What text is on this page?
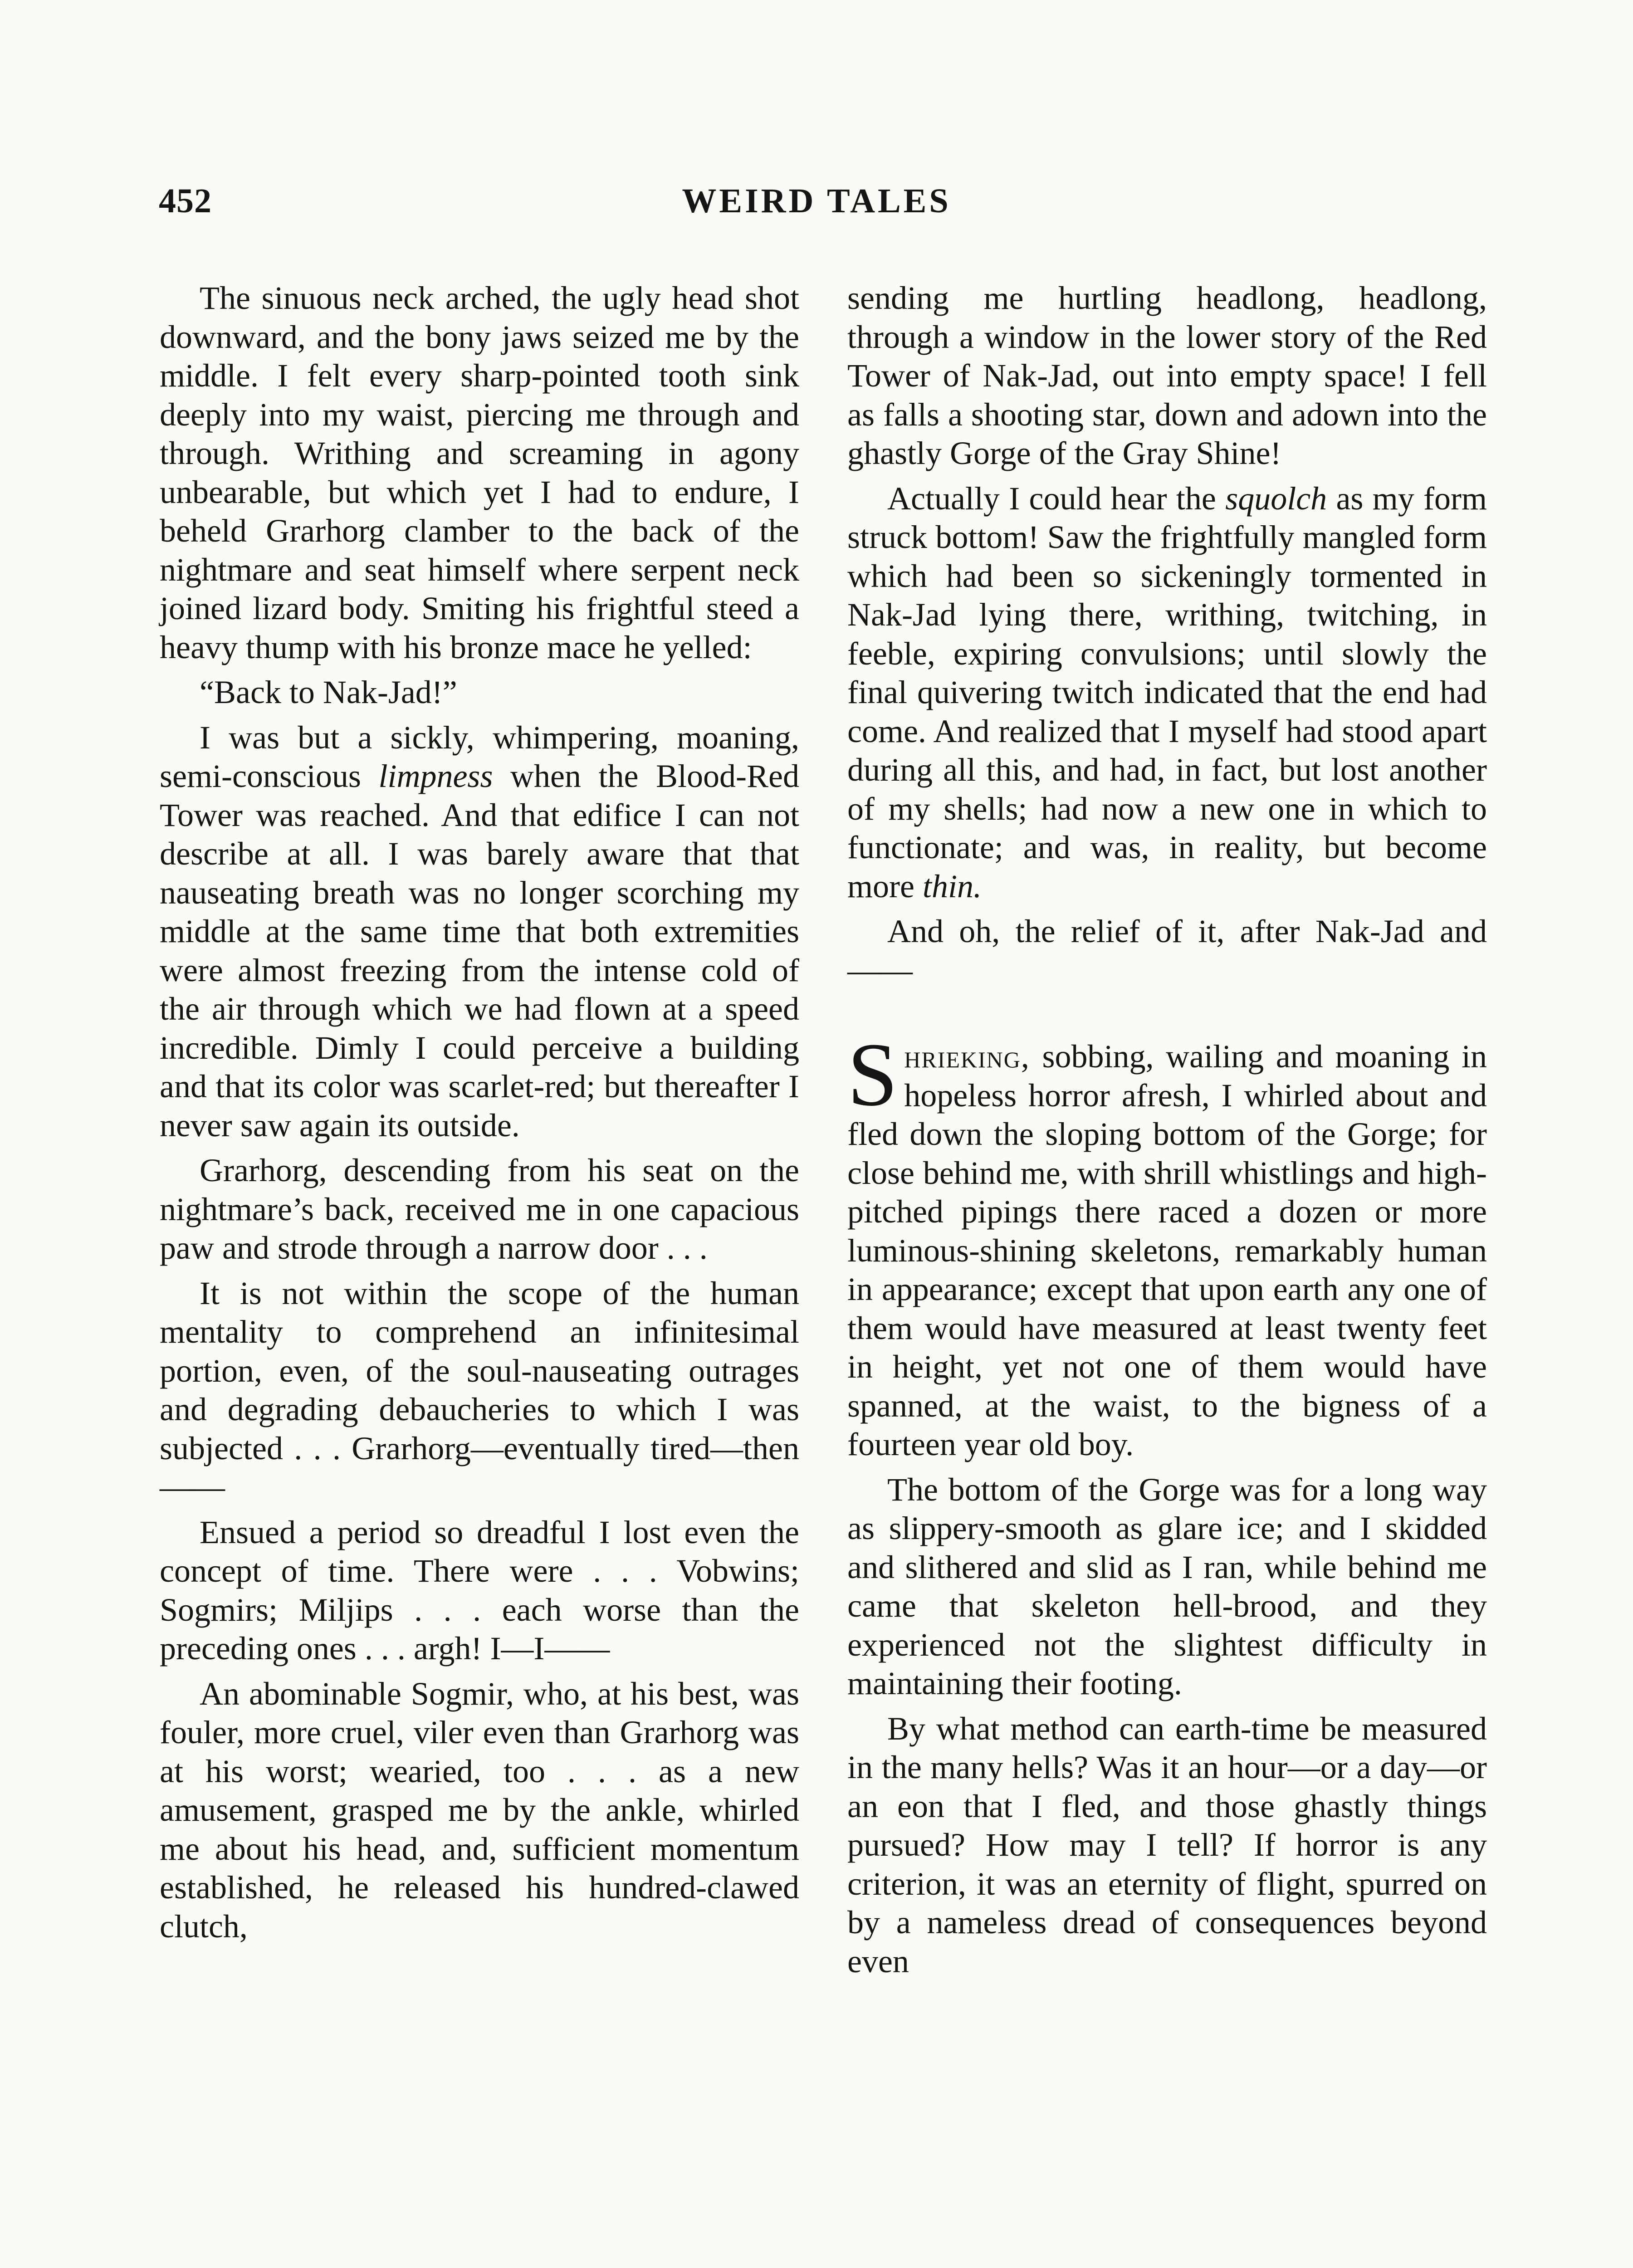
452	WEIRD TALES

The sinuous neck arched, the ugly head shot downward, and the bony jaws seized me by the middle. I felt every sharp-pointed tooth sink deeply into my waist, piercing me through and through. Writhing and screaming in agony unbearable, but which yet I had to endure, I beheld Grarhorg clamber to the back of the nightmare and seat himself where serpent neck joined lizard body. Smiting his frightful steed a heavy thump with his bronze mace he yelled:

“Back to Nak-Jad!”

I was but a sickly, whimpering, moaning, semi-conscious limpness when the Blood-Red Tower was reached. And that edifice I can not describe at all. I was barely aware that that nauseating breath was no longer scorching my middle at the same time that both extremities were almost freezing from the intense cold of the air through which we had flown at a speed incredible. Dimly I could perceive a building and that its color was scarlet-red; but thereafter I never saw again its outside.

Grarhorg, descending from his seat on the nightmare’s back, received me in one capacious paw and strode through a narrow door . . .

It is not within the scope of the human mentality to comprehend an infinitesimal portion, even, of the soul-nauseating outrages and degrading debaucheries to which I was subjected . . . Grarhorg—eventually tired—then——

Ensued a period so dreadful I lost even the concept of time. There were . . . Vobwins; Sogmirs; Miljips . . . each worse than the preceding ones . . . argh! I—I——

An abominable Sogmir, who, at his best, was fouler, more cruel, viler even than Grarhorg was at his worst; wearied, too . . . as a new amusement, grasped me by the ankle, whirled me about his head, and, sufficient momentum established, he released his hundred-clawed clutch,

sending me hurtling headlong, headlong, through a window in the lower story of the Red Tower of Nak-Jad, out into empty space! I fell as falls a shooting star, down and adown into the ghastly Gorge of the Gray Shine!

Actually I could hear the squolch as my form struck bottom! Saw the frightfully mangled form which had been so sickeningly tormented in Nak-Jad lying there, writhing, twitching, in feeble, expiring convulsions; until slowly the final quivering twitch indicated that the end had come. And realized that I myself had stood apart during all this, and had, in fact, but lost another of my shells; had now a new one in which to functionate; and was, in reality, but become more thin.

And oh, the relief of it, after Nak-Jad and——

Shrieking, sobbing, wailing and moaning in hopeless horror afresh, I whirled about and fled down the sloping bottom of the Gorge; for close behind me, with shrill whistlings and high-pitched pipings there raced a dozen or more luminous-shining skeletons, remarkably human in appearance; except that upon earth any one of them would have measured at least twenty feet in height, yet not one of them would have spanned, at the waist, to the bigness of a fourteen year old boy.

The bottom of the Gorge was for a long way as slippery-smooth as glare ice; and I skidded and slithered and slid as I ran, while behind me came that skeleton hell-brood, and they experienced not the slightest difficulty in maintaining their footing.

By what method can earth-time be measured in the many hells? Was it an hour—or a day—or an eon that I fled, and those ghastly things pursued? How may I tell? If horror is any criterion, it was an eternity of flight, spurred on by a nameless dread of consequences beyond even
